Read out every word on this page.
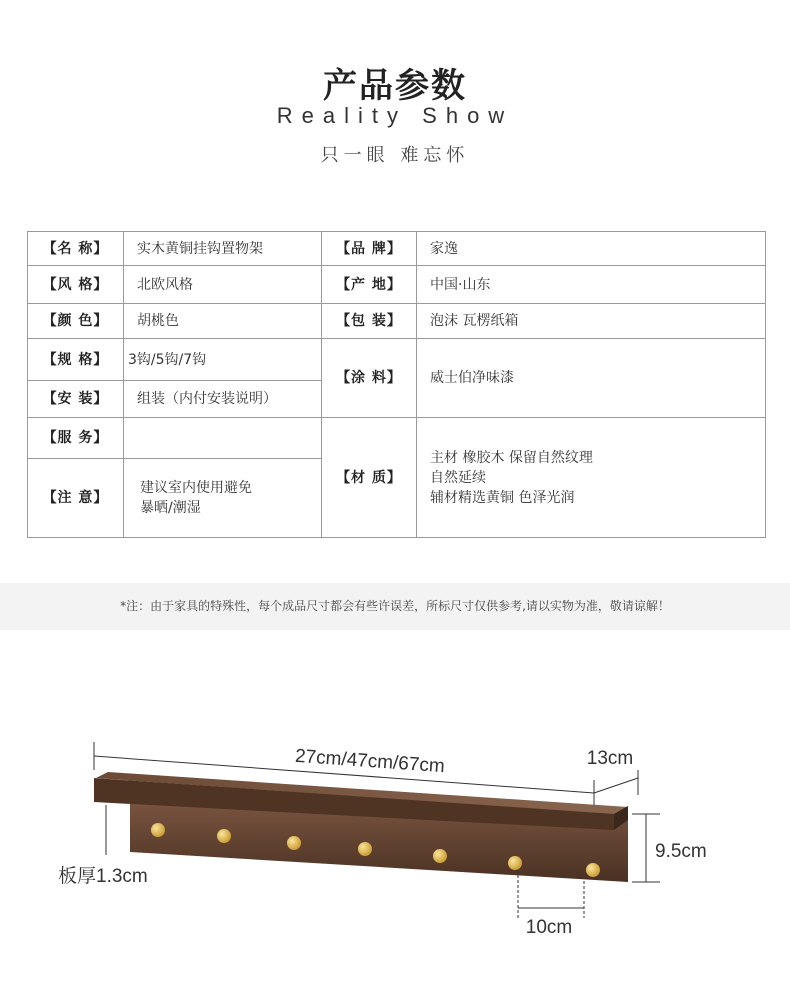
产品参数
Reality Show
只一眼 难忘怀
【名 称】	实木黄铜挂钩置物架	【品 牌】	家逸
【风 格】	北欧风格	【产 地】	中国·山东
【颜 色】	胡桃色	【包 装】	泡沫 瓦楞纸箱
【规 格】	3钩/5钩/7钩	【涂 料】	威士伯净味漆
【安 装】	组装（内付安装说明）		
【服 务】		【材 质】	主材 橡胶木 保留自然纹理
自然延续
辅材精选黄铜 色泽光润

【注 意】	建议室内使用避免
暴晒/潮湿		
*注：由于家具的特殊性，每个成品尺寸都会有些许误差，所标尺寸仅供参考,请以实物为准，敬请谅解！
27cm/47cm/67cm	13cm
9.5cm
10cm
板厚1.3cm
